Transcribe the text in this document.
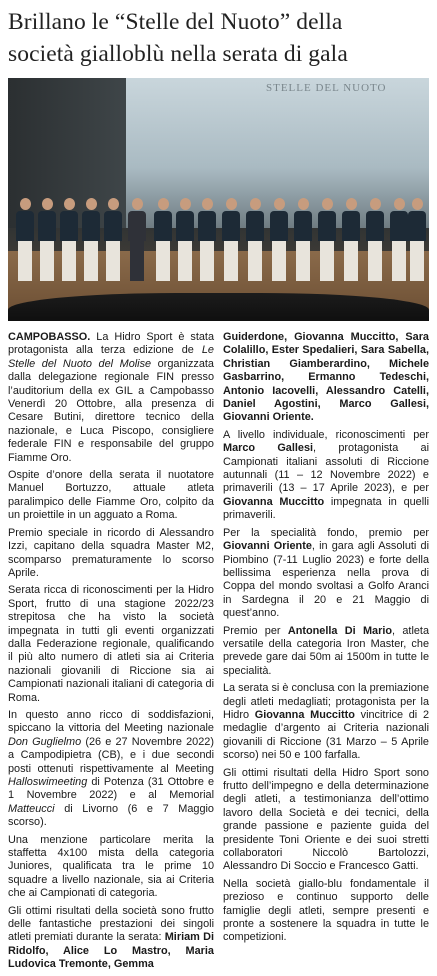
Brillano le “Stelle del Nuoto” della
società gialloblù nella serata di gala
STELLE DEL NUOTO

CAMPOBASSO. La Hidro Sport è stata protagonista alla terza edizione de Le Stelle del Nuoto del Molise organizzata dalla delegazione regionale FIN presso l’auditorium della ex GIL a Campobasso Venerdì 20 Ottobre, alla presenza di Cesare Butini, direttore tecnico della nazionale, e Luca Piscopo, consigliere federale FIN e responsabile del gruppo Fiamme Oro.

Ospite d’onore della serata il nuotatore Manuel Bortuzzo, attuale atleta paralimpico delle Fiamme Oro, colpito da un proiettile in un agguato a Roma.

Premio speciale in ricordo di Alessandro Izzi, capitano della squadra Master M2, scomparso prematuramente lo scorso Aprile.

Serata ricca di riconoscimenti per la Hidro Sport, frutto di una stagione 2022/23 strepitosa che ha visto la società impegnata in tutti gli eventi organizzati dalla Federazione regionale, qualificando il più alto numero di atleti sia ai Criteria nazionali giovanili di Riccione sia ai Campionati nazionali italiani di categoria di Roma.

In questo anno ricco di soddisfazioni, spiccano la vittoria del Meeting nazionale Don Guglielmo (26 e 27 Novembre 2022) a Campodipietra (CB), e i due secondi posti ottenuti rispettivamente al Meeting Halloswimeeting di Potenza (31 Ottobre e 1 Novembre 2022) e al Memorial Matteucci di Livorno (6 e 7 Maggio scorso).

Una menzione particolare merita la staffetta 4x100 mista della categoria Juniores, qualificata tra le prime 10 squadre a livello nazionale, sia ai Criteria che ai Campionati di categoria.

Gli ottimi risultati della società sono frutto delle fantastiche prestazioni dei singoli atleti premiati durante la serata: Miriam Di Ridolfo, Alice Lo Mastro, Maria Ludovica Tremonte, Gemma

Guiderdone, Giovanna Muccitto, Sara Colalillo, Ester Spedalieri, Sara Sabella, Christian Giamberardino, Michele Gasbarrino, Ermanno Tedeschi, Antonio Iacovelli, Alessandro Catelli, Daniel Agostini, Marco Gallesi, Giovanni Oriente.

A livello individuale, riconoscimenti per Marco Gallesi, protagonista ai Campionati italiani assoluti di Riccione autunnali (11 – 12 Novembre 2022) e primaverili (13 – 17 Aprile 2023), e per Giovanna Muccitto impegnata in quelli primaverili.

Per la specialità fondo, premio per Giovanni Oriente, in gara agli Assoluti di Piombino (7-11 Luglio 2023) e forte della bellissima esperienza nella prova di Coppa del mondo svoltasi a Golfo Aranci in Sardegna il 20 e 21 Maggio di quest’anno.

Premio per Antonella Di Mario, atleta versatile della categoria Iron Master, che prevede gare dai 50m ai 1500m in tutte le specialità.

La serata si è conclusa con la premiazione degli atleti medagliati; protagonista per la Hidro Giovanna Muccitto vincitrice di 2 medaglie d’argento ai Criteria nazionali giovanili di Riccione (31 Marzo – 5 Aprile scorso) nei 50 e 100 farfalla.

Gli ottimi risultati della Hidro Sport sono frutto dell’impegno e della determinazione degli atleti, a testimonianza dell’ottimo lavoro della Società e dei tecnici, della grande passione e paziente guida del presidente Toni Oriente e dei suoi stretti collaboratori Niccolò Bartolozzi, Alessandro Di Soccio e Francesco Gatti.

Nella società giallo-blu fondamentale il prezioso e continuo supporto delle famiglie degli atleti, sempre presenti e pronte a sostenere la squadra in tutte le competizioni.
